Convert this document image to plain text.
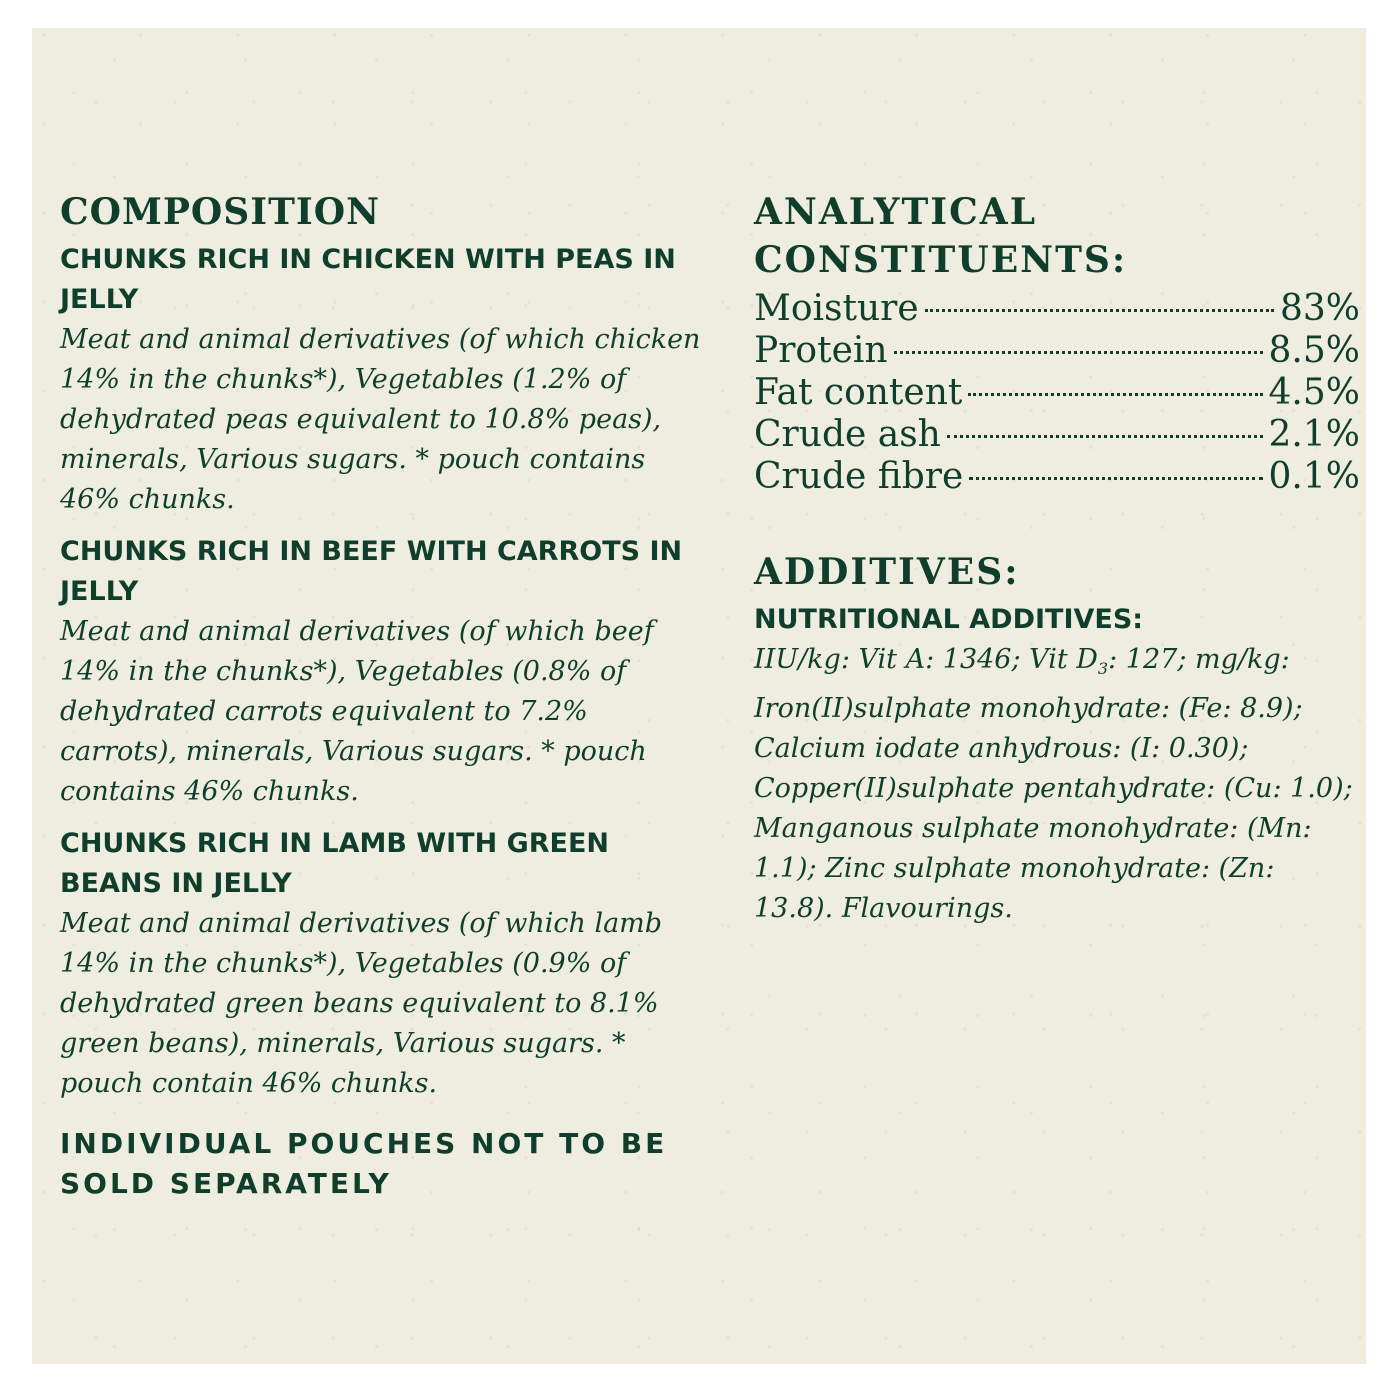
COMPOSITION

CHUNKS RICH IN CHICKEN WITH PEAS IN JELLY

Meat and animal derivatives (of which chicken 14% in the chunks*), Vegetables (1.2% of dehydrated peas equivalent to 10.8% peas), minerals, Various sugars. * pouch contains 46% chunks.

CHUNKS RICH IN BEEF WITH CARROTS IN JELLY

Meat and animal derivatives (of which beef 14% in the chunks*), Vegetables (0.8% of dehydrated carrots equivalent to 7.2% carrots), minerals, Various sugars. * pouch contains 46% chunks.

CHUNKS RICH IN LAMB WITH GREEN BEANS IN JELLY

Meat and animal derivatives (of which lamb 14% in the chunks*), Vegetables (0.9% of dehydrated green beans equivalent to 8.1% green beans), minerals, Various sugars. * pouch contain 46% chunks.

INDIVIDUAL POUCHES NOT TO BE SOLD SEPARATELY

ANALYTICAL CONSTITUENTS:
Moisture	83%
Protein	8.5%
Fat content	4.5%
Crude ash	2.1%
Crude fibre	0.1%
ADDITIVES:

NUTRITIONAL ADDITIVES:

IIU/kg: Vit A: 1346; Vit $D_3$: 127; mg/kg: Iron(II)sulphate monohydrate: (Fe: 8.9); Calcium iodate anhydrous: (I: 0.30); Copper(II)sulphate pentahydrate: (Cu: 1.0); Manganous sulphate monohydrate: (Mn: 1.1); Zinc sulphate monohydrate: (Zn: 13.8). Flavourings.
